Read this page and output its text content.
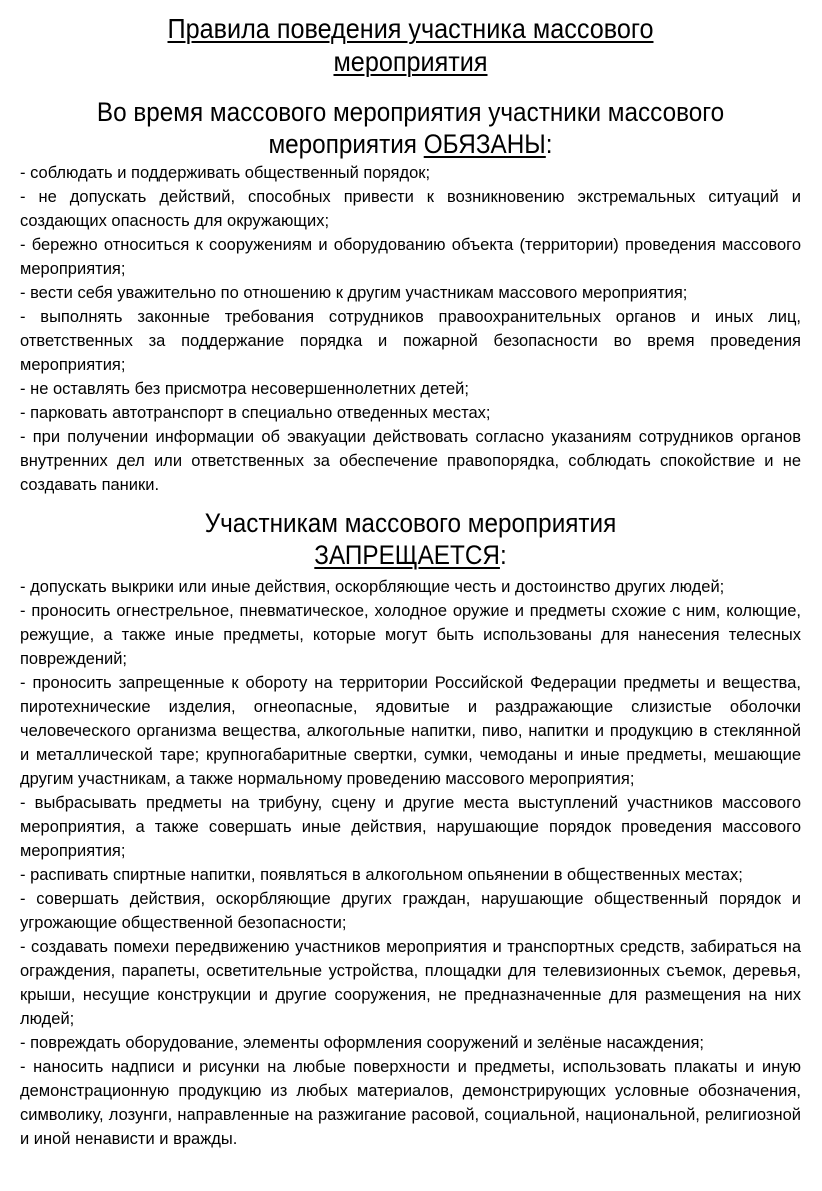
Правила поведения участника массового
мероприятия
Во время массового мероприятия участники массового
мероприятия ОБЯЗАНЫ:
- соблюдать и поддерживать общественный порядок;
- не допускать действий, способных привести к возникновению экстремальных ситуаций и создающих опасность для окружающих;
- бережно относиться к сооружениям и оборудованию объекта (территории) проведения массового мероприятия;
- вести себя уважительно по отношению к другим участникам массового мероприятия;
- выполнять законные требования сотрудников правоохранительных органов и иных лиц, ответственных за поддержание порядка и пожарной безопасности во время проведения мероприятия;
- не оставлять без присмотра несовершеннолетних детей;
- парковать автотранспорт в специально отведенных местах;
- при получении информации об эвакуации действовать согласно указаниям сотрудников органов внутренних дел или ответственных за обеспечение правопорядка, соблюдать спокойствие и не создавать паники.
Участникам массового мероприятия
ЗАПРЕЩАЕТСЯ:
- допускать выкрики или иные действия, оскорбляющие честь и достоинство других людей;
- проносить огнестрельное, пневматическое, холодное оружие и предметы схожие с ним, колющие, режущие, а также иные предметы, которые могут быть использованы для нанесения телесных повреждений;
- проносить запрещенные к обороту на территории Российской Федерации предметы и вещества, пиротехнические изделия, огнеопасные, ядовитые и раздражающие слизистые оболочки человеческого организма вещества, алкогольные напитки, пиво, напитки и продукцию в стеклянной и металлической таре; крупногабаритные свертки, сумки, чемоданы и иные предметы, мешающие другим участникам, а также нормальному проведению массового мероприятия;
- выбрасывать предметы на трибуну, сцену и другие места выступлений участников массового мероприятия, а также совершать иные действия, нарушающие порядок проведения массового мероприятия;
- распивать спиртные напитки, появляться в алкогольном опьянении в общественных местах;
- совершать действия, оскорбляющие других граждан, нарушающие общественный порядок и угрожающие общественной безопасности;
- создавать помехи передвижению участников мероприятия и транспортных средств, забираться на ограждения, парапеты, осветительные устройства, площадки для телевизионных съемок, деревья, крыши, несущие конструкции и другие сооружения, не предназначенные для размещения на них людей;
- повреждать оборудование, элементы оформления сооружений и зелёные насаждения;
- наносить надписи и рисунки на любые поверхности и предметы, использовать плакаты и иную демонстрационную продукцию из любых материалов, демонстрирующих условные обозначения, символику, лозунги, направленные на разжигание расовой, социальной, национальной, религиозной и иной ненависти и вражды.
